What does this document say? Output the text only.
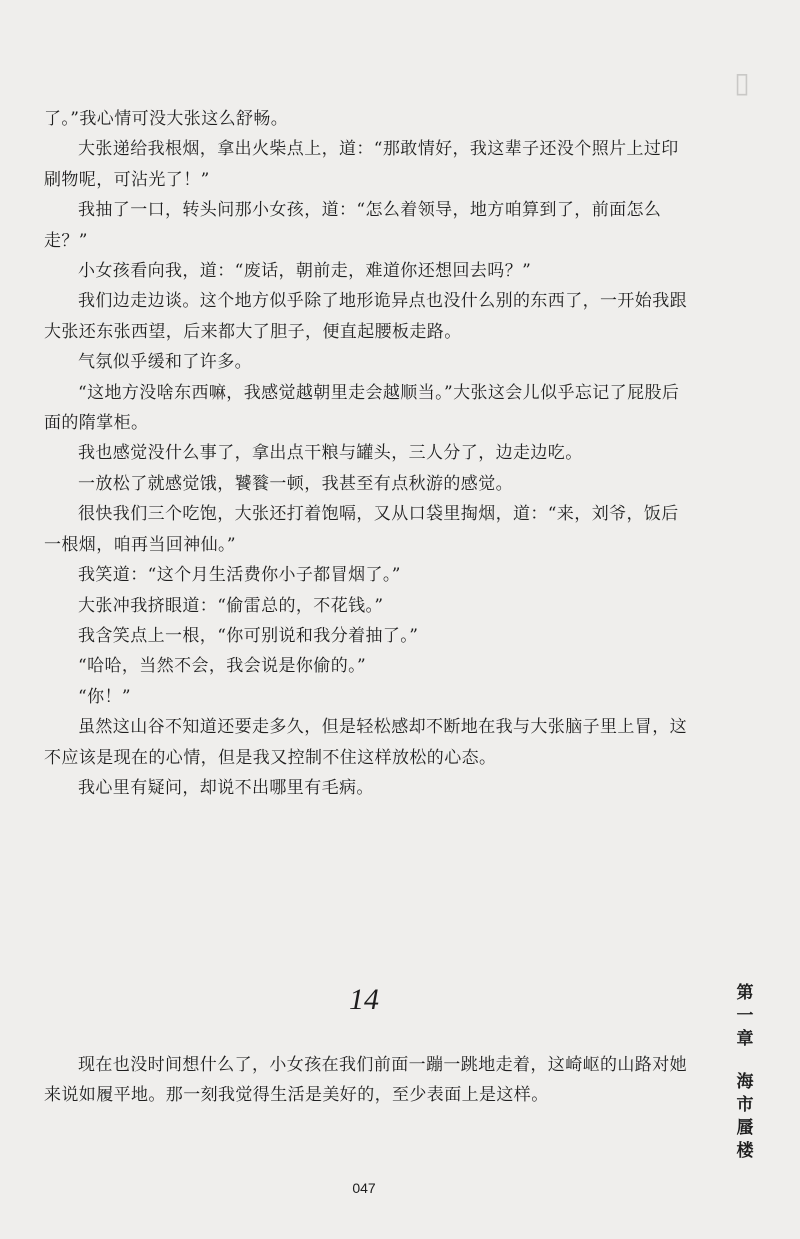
▯

了。”我心情可没大张这么舒畅。

大张递给我根烟，拿出火柴点上，道：“那敢情好，我这辈子还没个照片上过印刷物呢，可沾光了！”

我抽了一口，转头问那小女孩，道：“怎么着领导，地方咱算到了，前面怎么走？”

小女孩看向我，道：“废话，朝前走，难道你还想回去吗？”

我们边走边谈。这个地方似乎除了地形诡异点也没什么别的东西了，一开始我跟大张还东张西望，后来都大了胆子，便直起腰板走路。

气氛似乎缓和了许多。

“这地方没啥东西嘛，我感觉越朝里走会越顺当。”大张这会儿似乎忘记了屁股后面的隋掌柜。

我也感觉没什么事了，拿出点干粮与罐头，三人分了，边走边吃。

一放松了就感觉饿，饕餮一顿，我甚至有点秋游的感觉。

很快我们三个吃饱，大张还打着饱嗝，又从口袋里掏烟，道：“来，刘爷，饭后一根烟，咱再当回神仙。”

我笑道：“这个月生活费你小子都冒烟了。”

大张冲我挤眼道：“偷雷总的，不花钱。”

我含笑点上一根，“你可别说和我分着抽了。”

“哈哈，当然不会，我会说是你偷的。”

“你！”

虽然这山谷不知道还要走多久，但是轻松感却不断地在我与大张脑子里上冒，这不应该是现在的心情，但是我又控制不住这样放松的心态。

我心里有疑问，却说不出哪里有毛病。

14

现在也没时间想什么了，小女孩在我们前面一蹦一跳地走着，这崎岖的山路对她来说如履平地。那一刻我觉得生活是美好的，至少表面上是这样。

第
一
章
海
市
蜃
楼
047
